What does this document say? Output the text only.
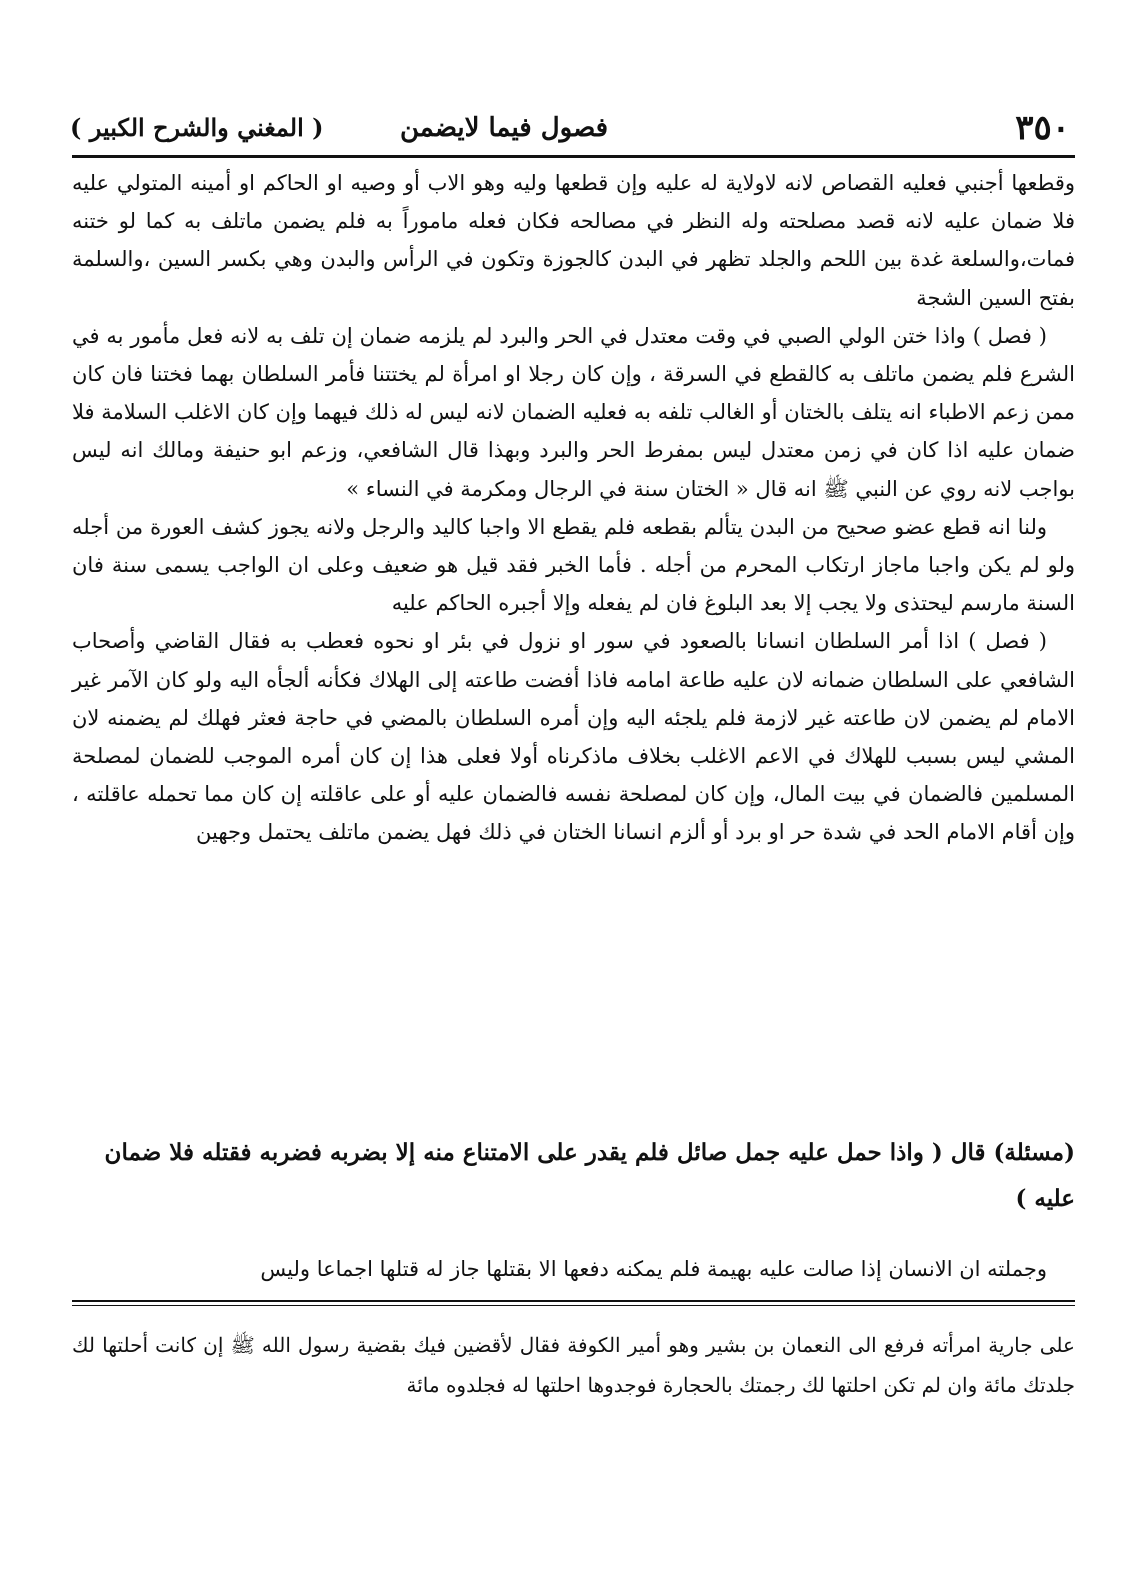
٣٥٠
فصول فيما لايضمن
( المغني والشرح الكبير )

وقطعها أجنبي فعليه القصاص لانه لاولاية له عليه وإن قطعها وليه وهو الاب أو وصيه او الحاكم او أمينه المتولي عليه فلا ضمان عليه لانه قصد مصلحته وله النظر في مصالحه فكان فعله ماموراً به فلم يضمن ماتلف به كما لو ختنه فمات،والسلعة غدة بين اللحم والجلد تظهر في البدن كالجوزة وتكون في الرأس والبدن وهي بكسر السين ،والسلمة بفتح السين الشجة

( فصل ) واذا ختن الولي الصبي في وقت معتدل في الحر والبرد لم يلزمه ضمان إن تلف به لانه فعل مأمور به في الشرع فلم يضمن ماتلف به كالقطع في السرقة ، وإن كان رجلا او امرأة لم يختتنا فأمر السلطان بهما فختنا فان كان ممن زعم الاطباء انه يتلف بالختان أو الغالب تلفه به فعليه الضمان لانه ليس له ذلك فيهما وإن كان الاغلب السلامة فلا ضمان عليه اذا كان في زمن معتدل ليس بمفرط الحر والبرد وبهذا قال الشافعي، وزعم ابو حنيفة ومالك انه ليس بواجب لانه روي عن النبي ﷺ انه قال « الختان سنة في الرجال ومكرمة في النساء »

ولنا انه قطع عضو صحيح من البدن يتألم بقطعه فلم يقطع الا واجبا كاليد والرجل ولانه يجوز كشف العورة من أجله ولو لم يكن واجبا ماجاز ارتكاب المحرم من أجله . فأما الخبر فقد قيل هو ضعيف وعلى ان الواجب يسمى سنة فان السنة مارسم ليحتذى ولا يجب إلا بعد البلوغ فان لم يفعله وإلا أجبره الحاكم عليه

( فصل ) اذا أمر السلطان انسانا بالصعود في سور او نزول في بئر او نحوه فعطب به فقال القاضي وأصحاب الشافعي على السلطان ضمانه لان عليه طاعة امامه فاذا أفضت طاعته إلى الهلاك فكأنه ألجأه اليه ولو كان الآمر غير الامام لم يضمن لان طاعته غير لازمة فلم يلجئه اليه وإن أمره السلطان بالمضي في حاجة فعثر فهلك لم يضمنه لان المشي ليس بسبب للهلاك في الاعم الاغلب بخلاف ماذكرناه أولا فعلى هذا إن كان أمره الموجب للضمان لمصلحة المسلمين فالضمان في بيت المال، وإن كان لمصلحة نفسه فالضمان عليه أو على عاقلته إن كان مما تحمله عاقلته ، وإن أقام الامام الحد في شدة حر او برد أو ألزم انسانا الختان في ذلك فهل يضمن ماتلف يحتمل وجهين

(مسئلة) قال ( واذا حمل عليه جمل صائل فلم يقدر على الامتناع منه إلا بضربه فضربه فقتله فلا ضمان عليه )

وجملته ان الانسان إذا صالت عليه بهيمة فلم يمكنه دفعها الا بقتلها جاز له قتلها اجماعا وليس

على جارية امرأته فرفع الى النعمان بن بشير وهو أمير الكوفة فقال لأقضين فيك بقضية رسول الله ﷺ إن كانت أحلتها لك جلدتك مائة وان لم تكن احلتها لك رجمتك بالحجارة فوجدوها احلتها له فجلدوه مائة
